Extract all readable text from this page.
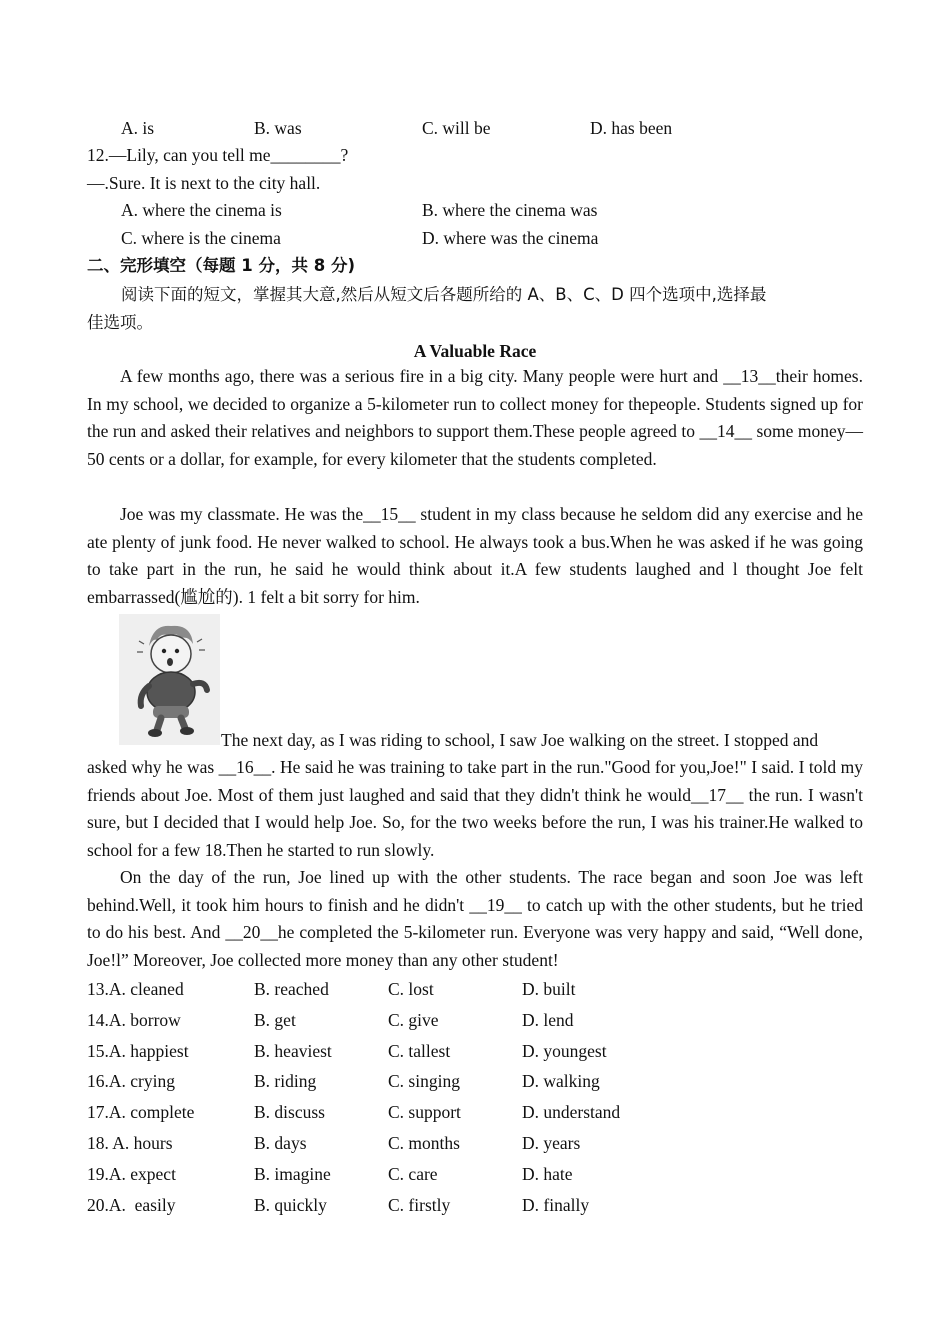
A. is	B. was	C. will be	D. has been
12.—Lily, can you tell me________?
—.Sure. It is next to the city hall.
A. where the cinema is	B. where the cinema was
C. where is the cinema	D. where was the cinema
二、完形填空（每题 1 分，共 8 分)
阅读下面的短文，掌握其大意,然后从短文后各题所给的 A、B、C、D 四个选项中,选择最
佳选项。
A Valuable Race
A few months ago, there was a serious fire in a big city. Many people were hurt and __13__their homes. In my school, we decided to organize a 5-kilometer run to collect money for thepeople. Students signed up for the run and asked their relatives and neighbors to support them.These people agreed to __14__ some money—50 cents or a dollar, for example, for every kilometer that the students completed.
Joe was my classmate. He was the__15__ student in my class because he seldom did any exercise and he ate plenty of junk food. He never walked to school. He always took a bus.When he was asked if he was going to take part in the run, he said he would think about it.A few students laughed and l thought Joe felt embarrassed(尴尬的). 1 felt a bit sorry for him.
The next day, as I was riding to school, I saw Joe walking on the street. I stopped and
asked why he was __16__. He said he was training to take part in the run."Good for you,Joe!" I said. I told my friends about Joe. Most of them just laughed and said that they didn't think he would__17__ the run. I wasn't sure, but I decided that I would help Joe. So, for the two weeks before the run, I was his trainer.He walked to school for a few 18.Then he started to run slowly.
On the day of the run, Joe lined up with the other students. The race began and soon Joe was left behind.Well, it took him hours to finish and he didn't __19__ to catch up with the other students, but he tried to do his best. And __20__he completed the 5-kilometer run. Everyone was very happy and said, “Well done, Joe!l” Moreover, Joe collected more money than any other student!
13.A. cleaned	B. reached	C. lost	D. built
14.A. borrow	B. get	C. give	D. lend
15.A. happiest	B. heaviest	C. tallest	D. youngest
16.A. crying	B. riding	C. singing	D. walking
17.A. complete	B. discuss	C. support	D. understand
18. A. hours	B. days	C. months	D. years
19.A. expect	B. imagine	C. care	D. hate
20.A.  easily	B. quickly	C. firstly	D. finally
